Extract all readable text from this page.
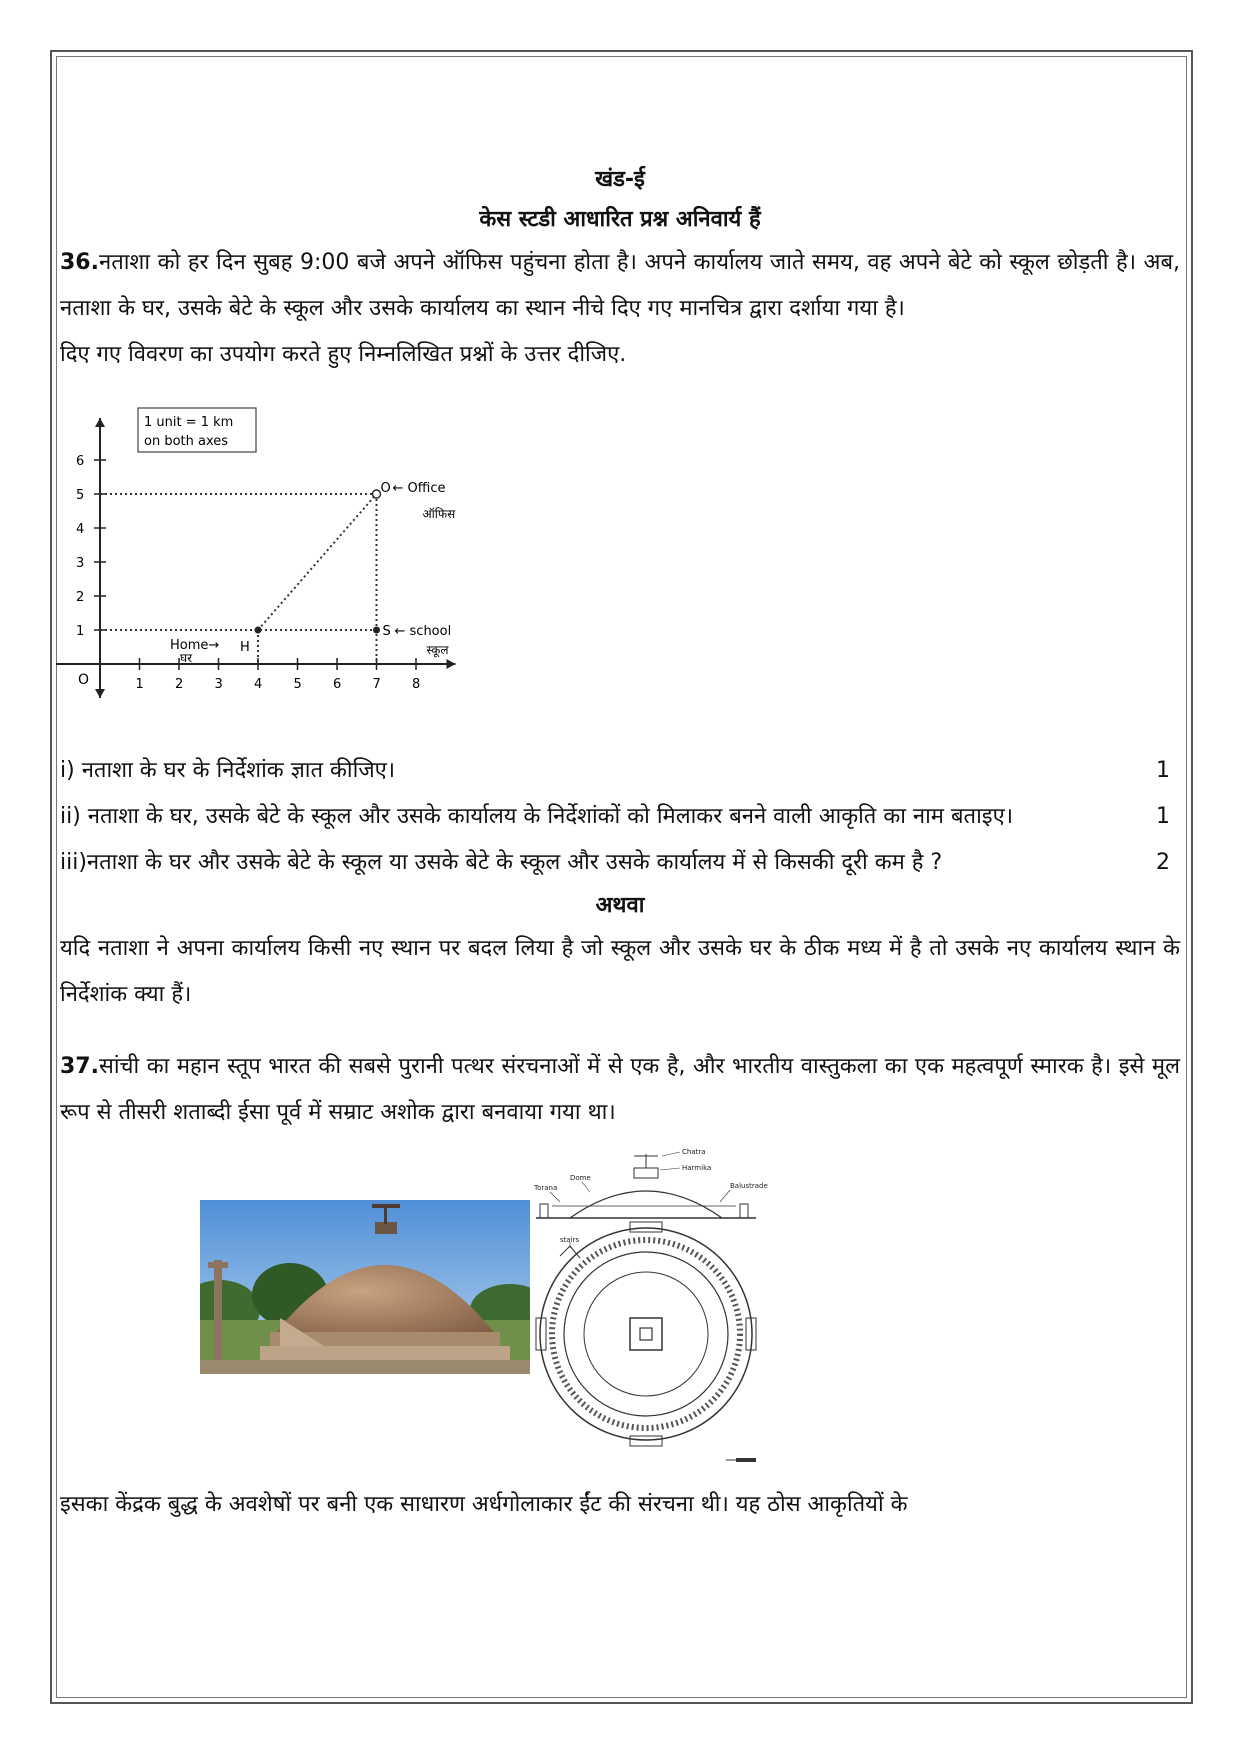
खंड-ई
केस स्टडी आधारित प्रश्न अनिवार्य हैं

36.नताशा को हर दिन सुबह 9:00 बजे अपने ऑफिस पहुंचना होता है। अपने कार्यालय जाते समय, वह अपने बेटे को स्कूल छोड़ती है। अब, नताशा के घर, उसके बेटे के स्कूल और उसके कार्यालय का स्थान नीचे दिए गए मानचित्र द्वारा दर्शाया गया है।

दिए गए विवरण का उपयोग करते हुए निम्नलिखित प्रश्नों के उत्तर दीजिए.

O	1 2 3 4 5 6 7 8
1
2
3
4
5
6
1 unit = 1 km
on both axes
H
Home→
घर
S ← school
स्कूल
O ← Office
ऑफिस

i) नताशा के घर के निर्देशांक ज्ञात कीजिए।	1

ii) नताशा के घर, उसके बेटे के स्कूल और उसके कार्यालय के निर्देशांकों को मिलाकर बनने वाली आकृति का नाम बताइए।	1

iii)नताशा के घर और उसके बेटे के स्कूल या उसके बेटे के स्कूल और उसके कार्यालय में से किसकी दूरी कम है ?	2

अथवा

यदि नताशा ने अपना कार्यालय किसी नए स्थान पर बदल लिया है जो स्कूल और उसके घर के ठीक मध्य में है तो उसके नए कार्यालय स्थान के निर्देशांक क्या हैं।

37.सांची का महान स्तूप भारत की सबसे पुरानी पत्थर संरचनाओं में से एक है, और भारतीय वास्तुकला का एक महत्वपूर्ण स्मारक है। इसे मूल रूप से तीसरी शताब्दी ईसा पूर्व में सम्राट अशोक द्वारा बनवाया गया था।

Chatra
Harmika
Dome
Torana	Balustrade
stairs

इसका केंद्रक बुद्ध के अवशेषों पर बनी एक साधारण अर्धगोलाकार ईंट की संरचना थी। यह ठोस आकृतियों के
